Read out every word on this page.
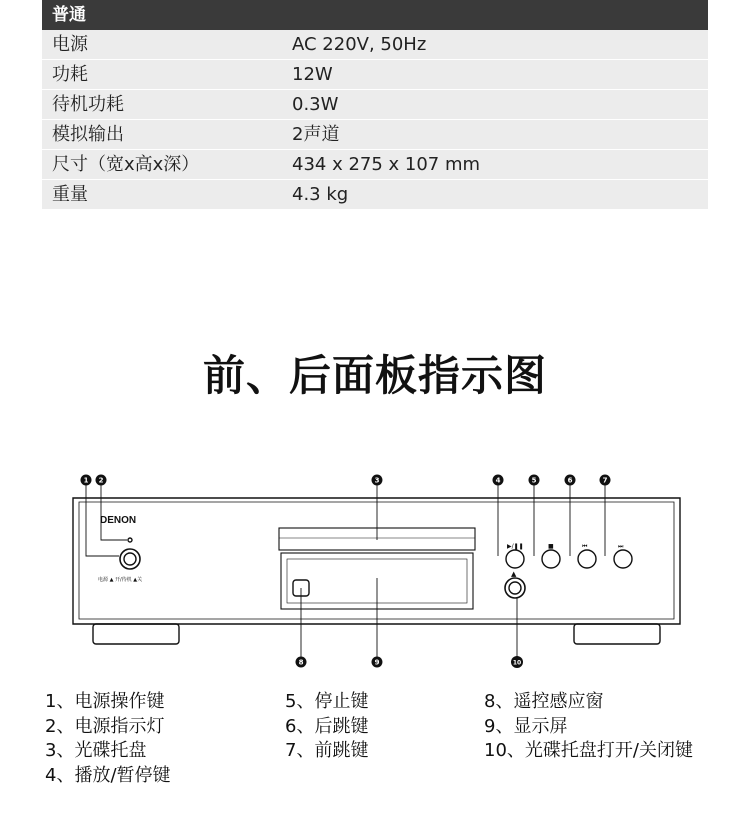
普通
电源	AC 220V, 50Hz
功耗	12W
待机功耗	0.3W
模拟输出	2声道
尺寸（宽x高x深）	434 x 275 x 107 mm
重量	4.3 kg
前、后面板指示图
DENON
电源 ▲ 开/待机 ▲关
▶/❚❚	■	⏮	⏭
▲
1 2	3	4	5	6	7
8	9	10
1、电源操作键
2、电源指示灯
3、光碟托盘
4、播放/暂停键
5、停止键
6、后跳键
7、前跳键
8、遥控感应窗
9、显示屏
10、光碟托盘打开/关闭键
